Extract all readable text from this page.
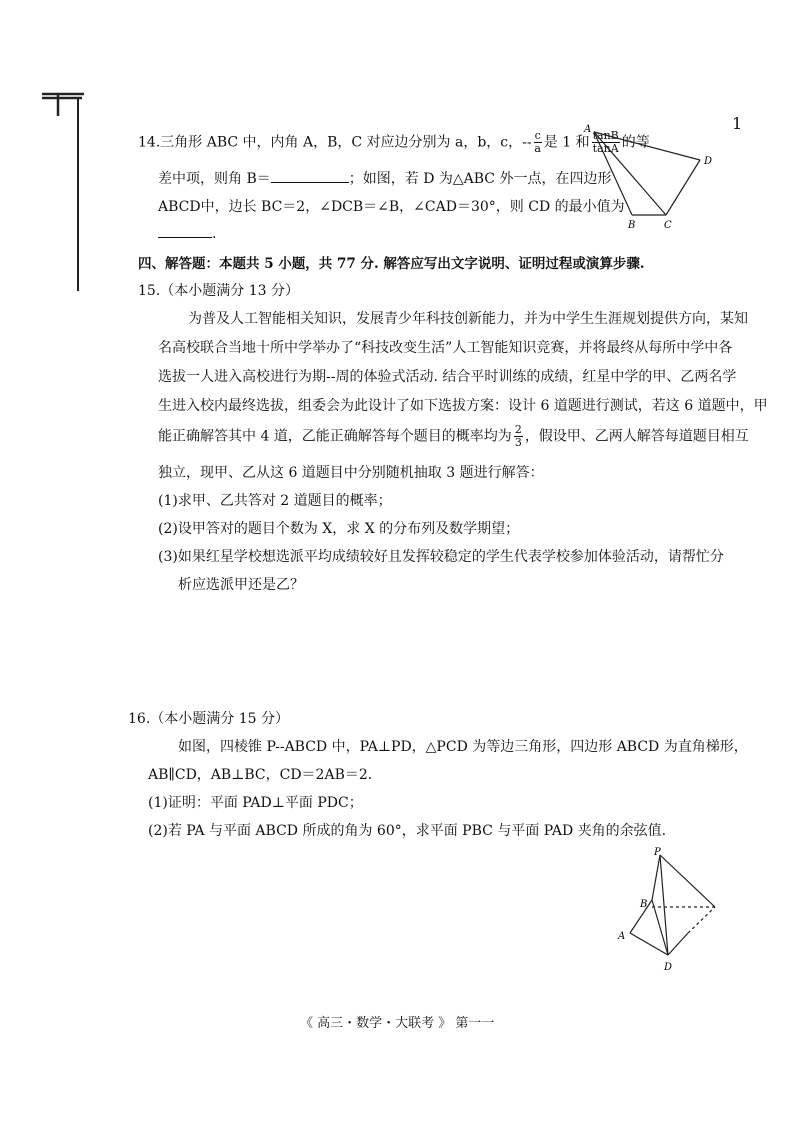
1
14.三角形 ABC 中，内角 A，B，C 对应边分别为 a，b，c，-- $\frac{c}{a}$ 是 1 和 $\frac{\tan B}{\tan A}$ 的等
差中项，则角 B＝	；如图，若 D 为△ABC 外一点，在四边形
ABCD中，边长 BC＝2，∠DCB＝∠B，∠CAD＝30°，则 CD 的最小值为
.
A
B	C
D
四、解答题：本题共 5 小题，共 77 分. 解答应写出文字说明、证明过程或演算步骤.
15.（本小题满分 13 分）
为普及人工智能相关知识，发展青少年科技创新能力，并为中学生生涯规划提供方向，某知
名高校联合当地十所中学举办了“科技改变生活”人工智能知识竞赛，并将最终从每所中学中各
选拔一人进入高校进行为期--周的体验式活动. 结合平时训练的成绩，红星中学的甲、乙两名学
生进入校内最终选拔，组委会为此设计了如下选拔方案：设计 6 道题进行测试，若这 6 道题中，甲
能正确解答其中 4 道，乙能正确解答每个题目的概率均为 $\frac{2}{3}$ ，假设甲、乙两人解答每道题目相互
独立，现甲、乙从这 6 道题目中分别随机抽取 3 题进行解答：
(1)求甲、乙共答对 2 道题目的概率；
(2)设甲答对的题目个数为 X，求 X 的分布列及数学期望；
(3)如果红星学校想选派平均成绩较好且发挥较稳定的学生代表学校参加体验活动，请帮忙分
析应选派甲还是乙？
16.（本小题满分 15 分）
如图，四棱锥 P--ABCD 中，PA⊥PD，△PCD 为等边三角形，四边形 ABCD 为直角梯形，
AB∥CD，AB⊥BC，CD＝2AB＝2.
(1)证明：平面 PAD⊥平面 PDC；
(2)若 PA 与平面 ABCD 所成的角为 60°，求平面 PBC 与平面 PAD 夹角的余弦值.
P
B
A
D
《 高三・数学・大联考 》 第一一
